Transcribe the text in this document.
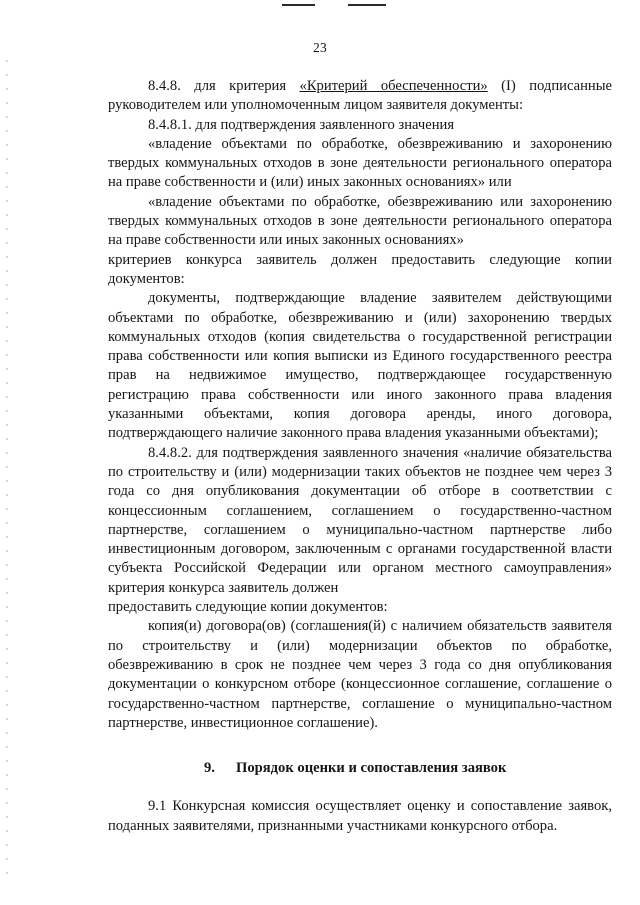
23

8.4.8. для критерия «Критерий обеспеченности» (I) подписанные руководителем или уполномоченным лицом заявителя документы:

8.4.8.1. для подтверждения заявленного значения

«владение объектами по обработке, обезвреживанию и захоронению твердых коммунальных отходов в зоне деятельности регионального оператора на праве собственности и (или) иных законных основаниях» или

«владение объектами по обработке, обезвреживанию или захоронению твердых коммунальных отходов в зоне деятельности регионального оператора на праве собственности или иных законных основаниях»

критериев конкурса заявитель должен предоставить следующие копии документов:

документы, подтверждающие владение заявителем действующими объектами по обработке, обезвреживанию и (или) захоронению твердых коммунальных отходов (копия свидетельства о государственной регистрации права собственности или копия выписки из Единого государственного реестра прав на недвижимое имущество, подтверждающее государственную регистрацию права собственности или иного законного права владения указанными объектами, копия договора аренды, иного договора, подтверждающего наличие законного права владения указанными объектами);

8.4.8.2. для подтверждения заявленного значения «наличие обязательства по строительству и (или) модернизации таких объектов не позднее чем через 3 года со дня опубликования документации об отборе в соответствии с концессионным соглашением, соглашением о государственно-частном партнерстве, соглашением о муниципально-частном партнерстве либо инвестиционным договором, заключенным с органами государственной власти субъекта Российской Федерации или органом местного самоуправления» критерия конкурса заявитель должен

предоставить следующие копии документов:

копия(и) договора(ов) (соглашения(й) с наличием обязательств заявителя по строительству и (или) модернизации объектов по обработке, обезвреживанию в срок не позднее чем через 3 года со дня опубликования документации о конкурсном отборе (концессионное соглашение, соглашение о государственно-частном партнерстве, соглашение о муниципально-частном партнерстве, инвестиционное соглашение).

9. Порядок оценки и сопоставления заявок

9.1 Конкурсная комиссия осуществляет оценку и сопоставление заявок, поданных заявителями, признанными участниками конкурсного отбора.
